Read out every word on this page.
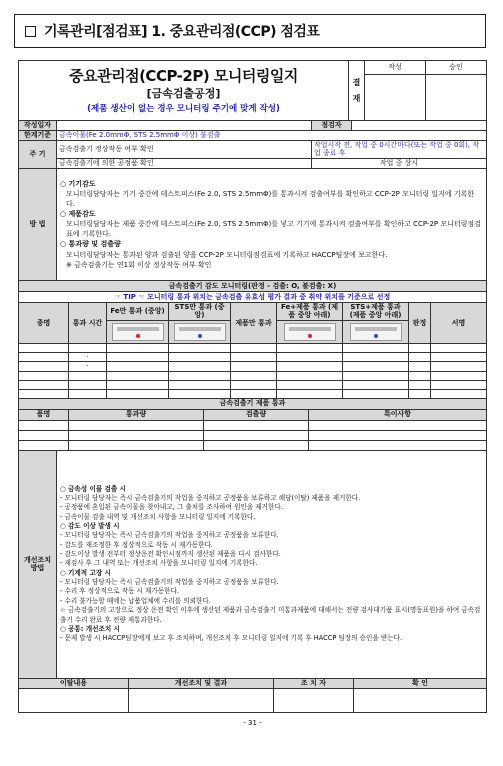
기록관리[점검표] 1. 중요관리점(CCP) 점검표
중요관리점(CCP-2P) 모니터링일지
[금속검출공정]
(제품 생산이 없는 경우 모니터링 주기에 맞게 작성)	결 재	작성	승인

작성일자		점검자	
한계기준	금속이물(Fe 2.0mmΦ, STS 2.5mmΦ 이상) 불검출		
주 기	금속검출기 정상작동 여부 확인	작업시작 전, 작업 중 0시간마다(또는 작업 중 0회), 작업 종료 후	
	금속검출기에 의한 공정품 확인	작업 중 상시	
방 법	

○ 기기감도

모니터링담당자는 기기 중간에 테스트피스(Fe 2.0, STS 2.5mmΦ)를 통과시켜 검출여부를 확인하고 CCP-2P 모니터링 일지에 기록한다.

○ 제품감도

모니터링담당자는 제품 중간에 테스트피스(Fe 2.0, STS 2.5mmΦ)를 넣고 기기에 통과시켜 검출여부를 확인하고 CCP-2P 모니터링점검표에 기록한다.

○ 통과량 및 검출량

모니터링담당자는 통과된 양과 검출된 양을 CCP-2P 모니터링점검표에 기록하고 HACCP팀장에 보고한다.

※ 금속검출기는 연1회 이상 정상작동 여부 확인

금속검출기 감도 모니터링(판정 - 검출: O, 불검출: X)								
☞ TIP ☜ 모니터링 통과 위치는 금속검출 유효성 평가 결과 중 취약 위치를 기준으로 선정								
종명	통과 시간	Fe만 통과 (중앙)	STS만 통과 (중앙)	제품만 통과	Fe+제품 통과 (제품 중앙 아래)	STS+제품 통과 (제품 중앙 아래)	판정	서명

	·							
	·							

금속검출기 제품 통과			
품명	통과량	검출량	특이사항

개선조치 방법	

○ 금속성 이물 검출 시

- 모니터링 담당자는 즉시 금속검출기의 작업을 중지하고 공정품을 보류하고 해당(이탈) 제품을 제거한다.

- 공정품에 혼입된 금속이물을 찾아내고, 그 출처를 조사하여 원인을 제거한다.

- 금속이물 검출 내역 및 개선조치 사항을 모니터링 일지에 기록한다.

○ 감도 이상 발생 시

- 모니터링 담당자는 즉시 금속검출기의 작업을 중지하고 공정품을 보류한다.

- 감도를 재조정한 후 정상적으로 작동 시 재가동한다.

- 감도이상 발생 전부터 정상운전 확인시점까지 생산된 제품을 다시 검사한다.

- 재검사 후 그 내역 또는 개선조치 사항을 모니터링 일지에 기록한다.

○ 기계적 고장 시

- 모니터링 담당자는 즉시 금속검출기의 작업을 중지하고 공정품을 보류한다.

- 수리 후 정상적으로 작동 시 재가동한다.

- 수리 불가능할 때에는 납품업체에 수리를 의뢰한다.

☆ 금속검출기의 고장으로 정상 운전 확인 이후에 생산된 제품과 금속검출기 미통과제품에 대해서는 전량 검사대기품 표시(명동표원)을 하여 금속검출기 수리 완료 후 전량 재통과한다.

○ 공통: 개선조치 시

- 문제 발생 시 HACCP팀장에게 보고 후 조치하며, 개선조치 후 모니터링 일지에 기록 후 HACCP 팀장의 승인을 받는다.

이탈내용	개선조치 및 결과	조 치 자	확 인

- 31 -
